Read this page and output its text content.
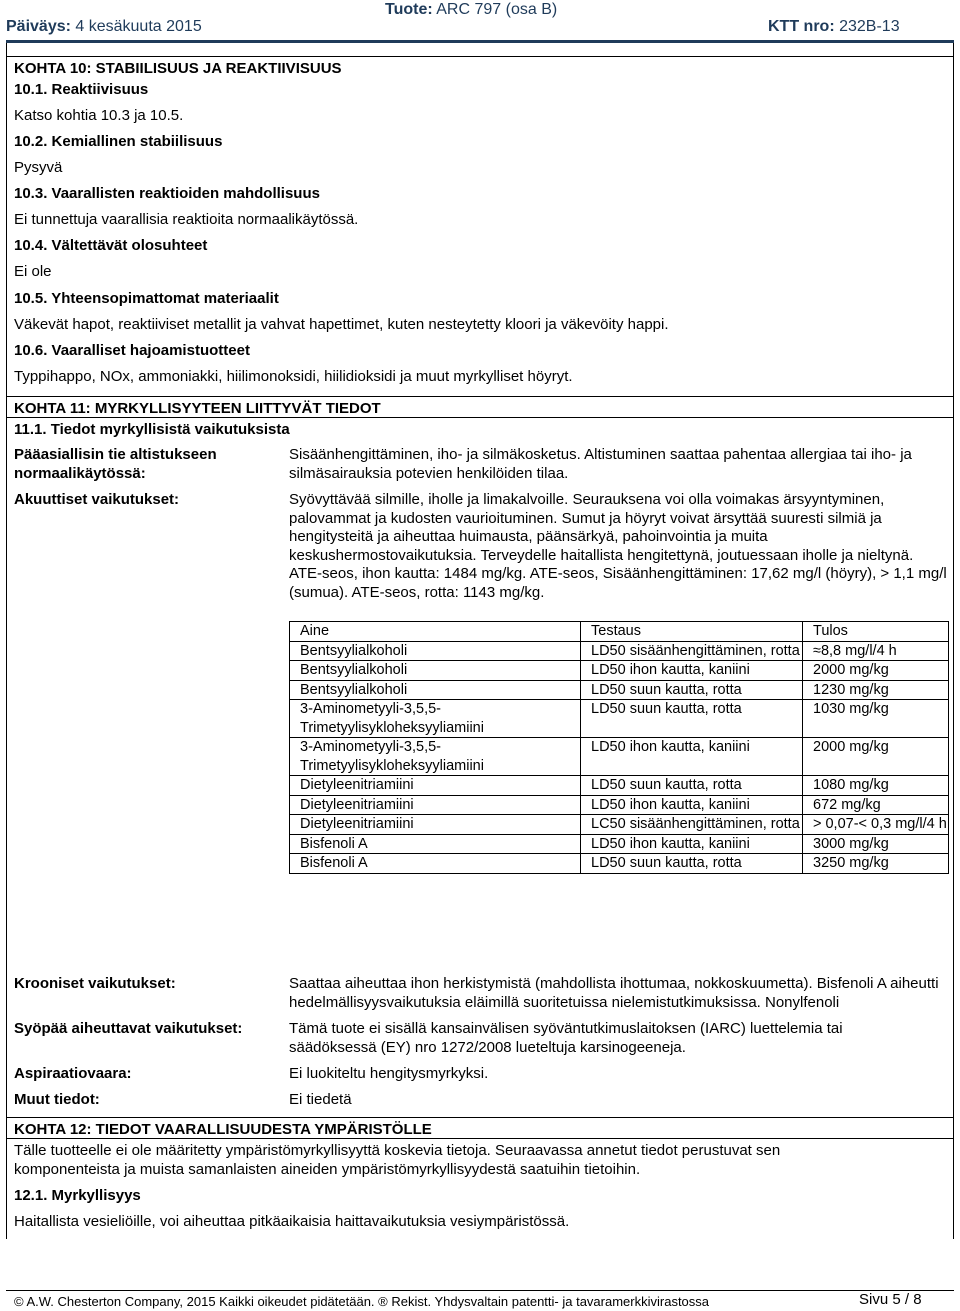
Päiväys: 4 kesäkuuta 2015
Tuote: ARC 797 (osa B)
KTT nro: 232B-13
KOHTA 10: STABIILISUUS JA REAKTIIVISUUS
10.1. Reaktiivisuus
Katso kohtia 10.3 ja 10.5.
10.2. Kemiallinen stabiilisuus
Pysyvä
10.3. Vaarallisten reaktioiden mahdollisuus
Ei tunnettuja vaarallisia reaktioita normaalikäytössä.
10.4. Vältettävät olosuhteet
Ei ole
10.5. Yhteensopimattomat materiaalit
Väkevät hapot, reaktiiviset metallit ja vahvat hapettimet, kuten nesteytetty kloori ja väkevöity happi.
10.6. Vaaralliset hajoamistuotteet
Typpihappo, NOx, ammoniakki, hiilimonoksidi, hiilidioksidi ja muut myrkylliset höyryt.
KOHTA 11: MYRKYLLISYYTEEN LIITTYVÄT TIEDOT
11.1. Tiedot myrkyllisistä vaikutuksista
Pääasiallisin tie altistukseen
normaalikäytössä:
Sisäänhengittäminen, iho- ja silmäkosketus. Altistuminen saattaa pahentaa allergiaa tai iho- ja silmäsairauksia potevien henkilöiden tilaa.
Akuuttiset vaikutukset:	Syövyttävää silmille, iholle ja limakalvoille. Seurauksena voi olla voimakas ärsyyntyminen, palovammat ja kudosten vaurioituminen. Sumut ja höyryt voivat ärsyttää suuresti silmiä ja hengitysteitä ja aiheuttaa huimausta, päänsärkyä, pahoinvointia ja muita keskushermostovaikutuksia. Terveydelle haitallista hengitettynä, joutuessaan iholle ja nieltynä. ATE-seos, ihon kautta: 1484 mg/kg. ATE-seos, Sisäänhengittäminen: 17,62 mg/l (höyry), > 1,1 mg/l (sumua). ATE-seos, rotta: 1143 mg/kg.
Aine	Testaus	Tulos
Bentsyylialkoholi	LD50 sisäänhengittäminen, rotta	≈8,8 mg/l/4 h
Bentsyylialkoholi	LD50 ihon kautta, kaniini	2000 mg/kg
Bentsyylialkoholi	LD50 suun kautta, rotta	1230 mg/kg
3-Aminometyyli-3,5,5-Trimetyylisykloheksyyliamiini	LD50 suun kautta, rotta	1030 mg/kg
3-Aminometyyli-3,5,5-Trimetyylisykloheksyyliamiini	LD50 ihon kautta, kaniini	2000 mg/kg
Dietyleenitriamiini	LD50 suun kautta, rotta	1080 mg/kg
Dietyleenitriamiini	LD50 ihon kautta, kaniini	672 mg/kg
Dietyleenitriamiini	LC50 sisäänhengittäminen, rotta	> 0,07-< 0,3 mg/l/4 h
Bisfenoli A	LD50 ihon kautta, kaniini	3000 mg/kg
Bisfenoli A	LD50 suun kautta, rotta	3250 mg/kg
Krooniset vaikutukset:	Saattaa aiheuttaa ihon herkistymistä (mahdollista ihottumaa, nokkoskuumetta). Bisfenoli A aiheutti hedelmällisyysvaikutuksia eläimillä suoritetuissa nielemistutkimuksissa. Nonylfenoli
Syöpää aiheuttavat vaikutukset:	Tämä tuote ei sisällä kansainvälisen syöväntutkimuslaitoksen (IARC) luettelemia tai säädöksessä (EY) nro 1272/2008 lueteltuja karsinogeeneja.
Aspiraatiovaara:	Ei luokiteltu hengitysmyrkyksi.
Muut tiedot:	Ei tiedetä
KOHTA 12: TIEDOT VAARALLISUUDESTA YMPÄRISTÖLLE
Tälle tuotteelle ei ole määritetty ympäristömyrkyllisyyttä koskevia tietoja. Seuraavassa annetut tiedot perustuvat sen komponenteista ja muista samanlaisten aineiden ympäristömyrkyllisyydestä saatuihin tietoihin.
12.1. Myrkyllisyys
Haitallista vesieliöille, voi aiheuttaa pitkäaikaisia haittavaikutuksia vesiympäristössä.
© A.W. Chesterton Company, 2015 Kaikki oikeudet pidätetään. ® Rekist. Yhdysvaltain patentti- ja tavaramerkkivirastossa	Sivu 5 / 8
